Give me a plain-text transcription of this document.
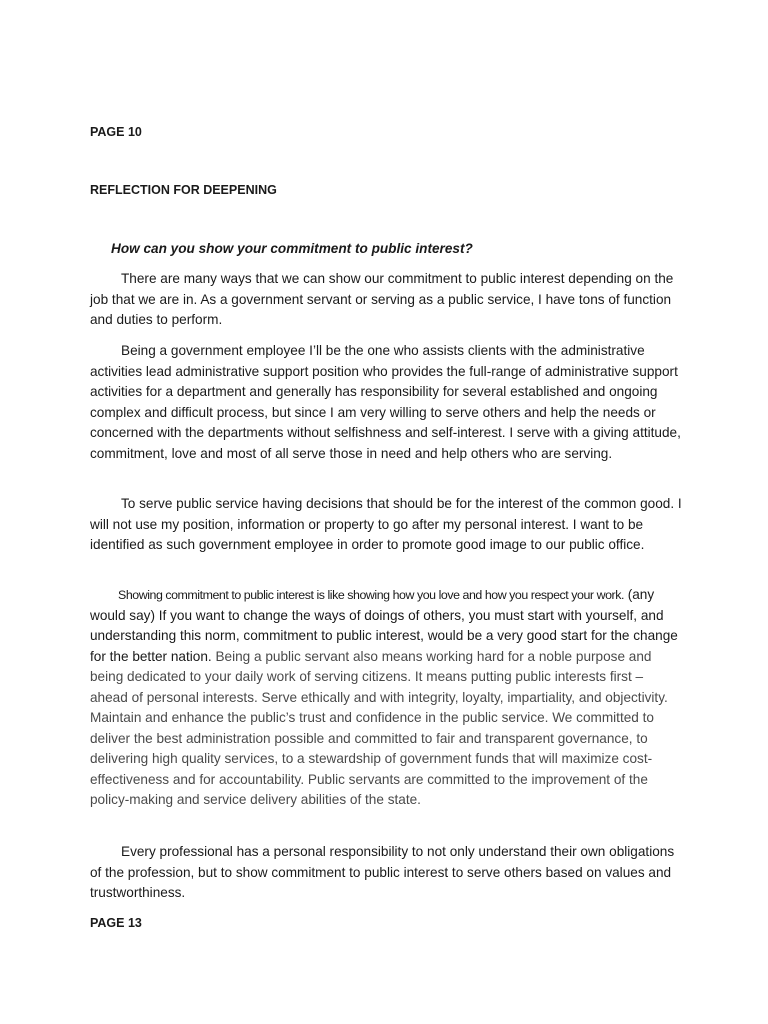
PAGE 10

REFLECTION FOR DEEPENING

How can you show your commitment to public interest?

There are many ways that we can show our commitment to public interest depending on the job that we are in. As a government servant or serving as a public service, I have tons of function and duties to perform.

Being a government employee I’ll be the one who assists clients with the administrative activities lead administrative support position who provides the full-range of administrative support activities for a department and generally has responsibility for several established and ongoing complex and difficult process, but since I am very willing to serve others and help the needs or concerned with the departments without selfishness and self-interest. I serve with a giving attitude, commitment, love and most of all serve those in need and help others who are serving.

To serve public service having decisions that should be for the interest of the common good. I will not use my position, information or property to go after my personal interest. I want to be identified as such government employee in order to promote good image to our public office.

Showing commitment to public interest is like showing how you love and how you respect your work. (any would say) If you want to change the ways of doings of others, you must start with yourself, and understanding this norm, commitment to public interest, would be a very good start for the change for the better nation. Being a public servant also means working hard for a noble purpose and being dedicated to your daily work of serving citizens. It means putting public interests first – ahead of personal interests. Serve ethically and with integrity, loyalty, impartiality, and objectivity. Maintain and enhance the public’s trust and confidence in the public service. We committed to deliver the best administration possible and committed to fair and transparent governance, to delivering high quality services, to a stewardship of government funds that will maximize cost-effectiveness and for accountability. Public servants are committed to the improvement of the policy-making and service delivery abilities of the state.

Every professional has a personal responsibility to not only understand their own obligations of the profession, but to show commitment to public interest to serve others based on values and trustworthiness.

PAGE 13
